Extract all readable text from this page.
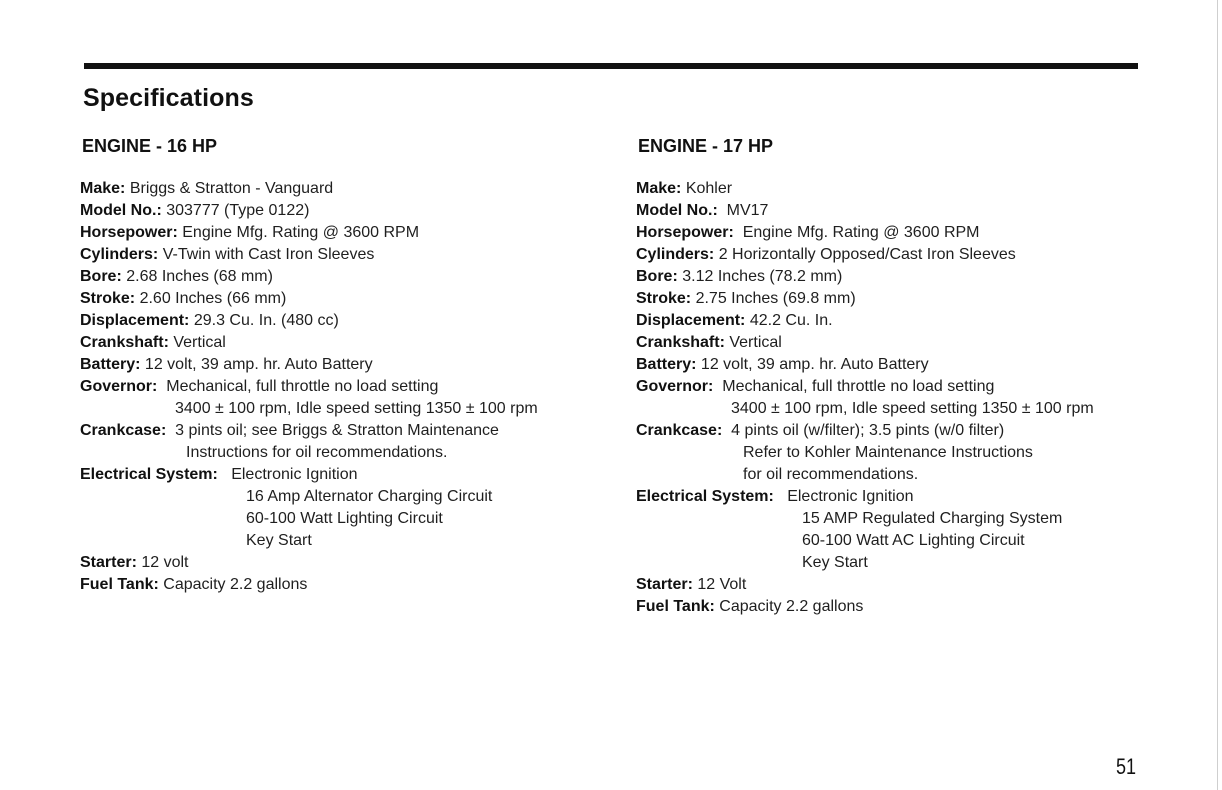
Specifications
ENGINE - 16 HP
Make: Briggs & Stratton - Vanguard
Model No.: 303777 (Type 0122)
Horsepower: Engine Mfg. Rating @ 3600 RPM
Cylinders: V-Twin with Cast Iron Sleeves
Bore: 2.68 Inches (68 mm)
Stroke: 2.60 Inches (66 mm)
Displacement: 29.3 Cu. In. (480 cc)
Crankshaft: Vertical
Battery: 12 volt, 39 amp. hr. Auto Battery
Governor: Mechanical, full throttle no load setting
3400 ± 100 rpm, Idle speed setting 1350 ± 100 rpm
Crankcase: 3 pints oil; see Briggs & Stratton Maintenance
Instructions for oil recommendations.
Electrical System: Electronic Ignition
16 Amp Alternator Charging Circuit
60-100 Watt Lighting Circuit
Key Start
Starter: 12 volt
Fuel Tank: Capacity 2.2 gallons
ENGINE - 17 HP
Make: Kohler
Model No.: MV17
Horsepower: Engine Mfg. Rating @ 3600 RPM
Cylinders: 2 Horizontally Opposed/Cast Iron Sleeves
Bore: 3.12 Inches (78.2 mm)
Stroke: 2.75 Inches (69.8 mm)
Displacement: 42.2 Cu. In.
Crankshaft: Vertical
Battery: 12 volt, 39 amp. hr. Auto Battery
Governor: Mechanical, full throttle no load setting
3400 ± 100 rpm, Idle speed setting 1350 ± 100 rpm
Crankcase: 4 pints oil (w/filter); 3.5 pints (w/0 filter)
Refer to Kohler Maintenance Instructions
for oil recommendations.
Electrical System: Electronic Ignition
15 AMP Regulated Charging System
60-100 Watt AC Lighting Circuit
Key Start
Starter: 12 Volt
Fuel Tank: Capacity 2.2 gallons
51
